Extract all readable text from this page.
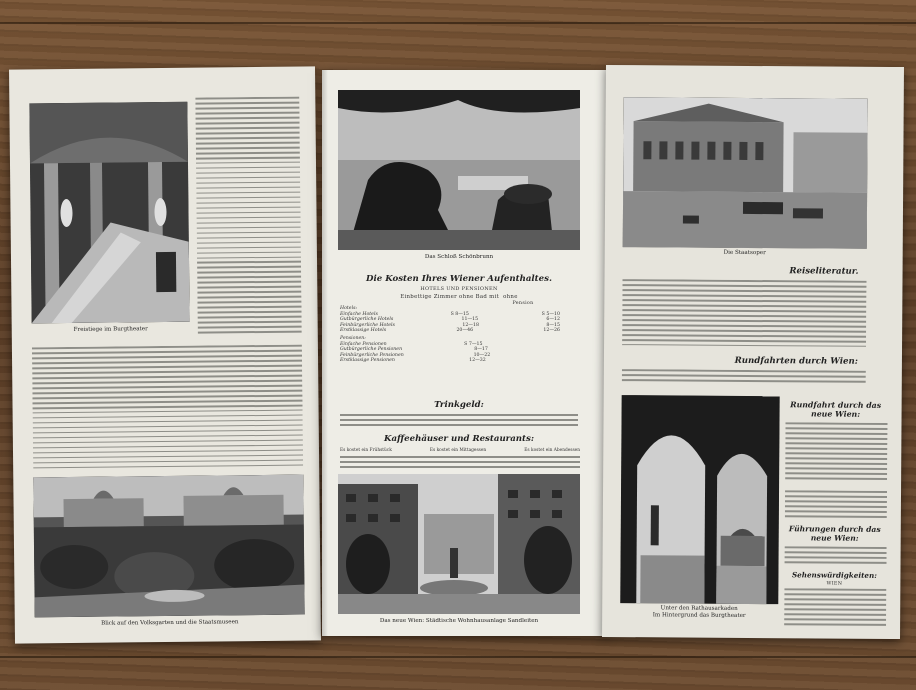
Freistiege im Burgtheater
Blick auf den Volksgarten und die Staatsmuseen
Das Schloß Schönbrunn
Die Kosten Ihres Wiener Aufenthaltes.
HOTELS UND PENSIONEN
Einbettige Zimmer ohne Bad mit ohne
Pension
Hotels:
Einfache Hotels	S 8—15	S 5—10
Gutbürgerliche Hotels	11—15	6—12
Feinbürgerliche Hotels	12—18	8—15
Erstklassige Hotels	20—46	12—26
Pensionen:
Einfache Pensionen	S 7—15
Gutbürgerliche Pensionen	8—17
Feinbürgerliche Pensionen	10—22
Erstklassige Pensionen	12—32
Trinkgeld:
Kaffeehäuser und Restaurants:
Es kostet ein Frühstück	Es kostet ein Mittagessen	Es kostet ein Abendessen
Das neue Wien: Städtische Wohnhausanlage Sandleiten
Die Staatsoper
Reiseliteratur.
Rundfahrten durch Wien:
Unter den Rathausarkaden
Im Hintergrund das Burgtheater
Rundfahrt durch das neue Wien:
Führungen durch das neue Wien:
Sehenswürdigkeiten:
WIEN
